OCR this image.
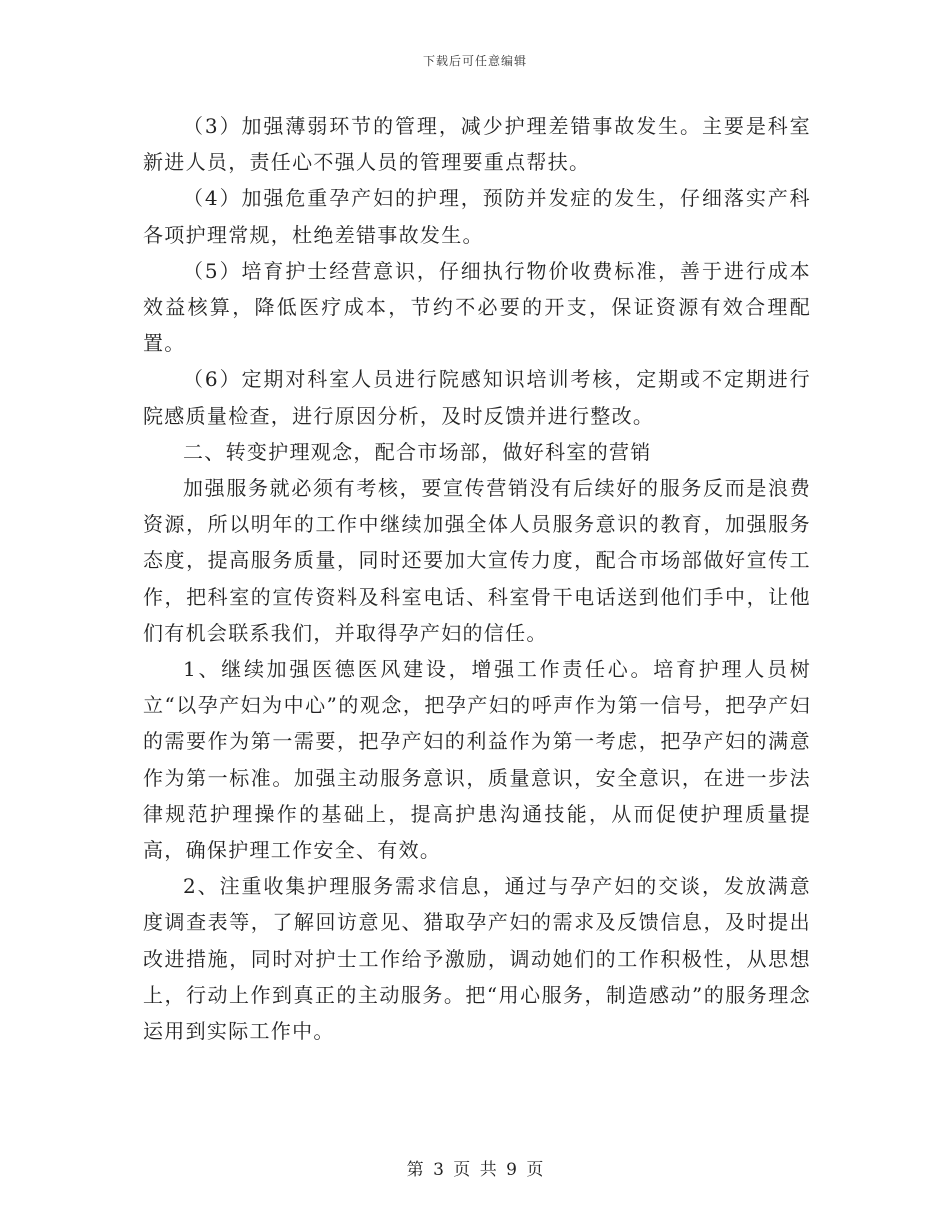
下载后可任意编辑

（3）加强薄弱环节的管理，减少护理差错事故发生。主要是科室新进人员，责任心不强人员的管理要重点帮扶。

（4）加强危重孕产妇的护理，预防并发症的发生，仔细落实产科各项护理常规，杜绝差错事故发生。

（5）培育护士经营意识，仔细执行物价收费标准，善于进行成本效益核算，降低医疗成本，节约不必要的开支，保证资源有效合理配置。

（6）定期对科室人员进行院感知识培训考核，定期或不定期进行院感质量检查，进行原因分析，及时反馈并进行整改。

二、转变护理观念，配合市场部，做好科室的营销

加强服务就必须有考核，要宣传营销没有后续好的服务反而是浪费资源，所以明年的工作中继续加强全体人员服务意识的教育，加强服务态度，提高服务质量，同时还要加大宣传力度，配合市场部做好宣传工作，把科室的宣传资料及科室电话、科室骨干电话送到他们手中，让他们有机会联系我们，并取得孕产妇的信任。

1、继续加强医德医风建设，增强工作责任心。培育护理人员树立“以孕产妇为中心”的观念，把孕产妇的呼声作为第一信号，把孕产妇的需要作为第一需要，把孕产妇的利益作为第一考虑，把孕产妇的满意作为第一标准。加强主动服务意识，质量意识，安全意识，在进一步法律规范护理操作的基础上，提高护患沟通技能，从而促使护理质量提高，确保护理工作安全、有效。

2、注重收集护理服务需求信息，通过与孕产妇的交谈，发放满意度调查表等，了解回访意见、猎取孕产妇的需求及反馈信息，及时提出改进措施，同时对护士工作给予激励，调动她们的工作积极性，从思想上，行动上作到真正的主动服务。把“用心服务，制造感动”的服务理念运用到实际工作中。

第 3 页 共 9 页
